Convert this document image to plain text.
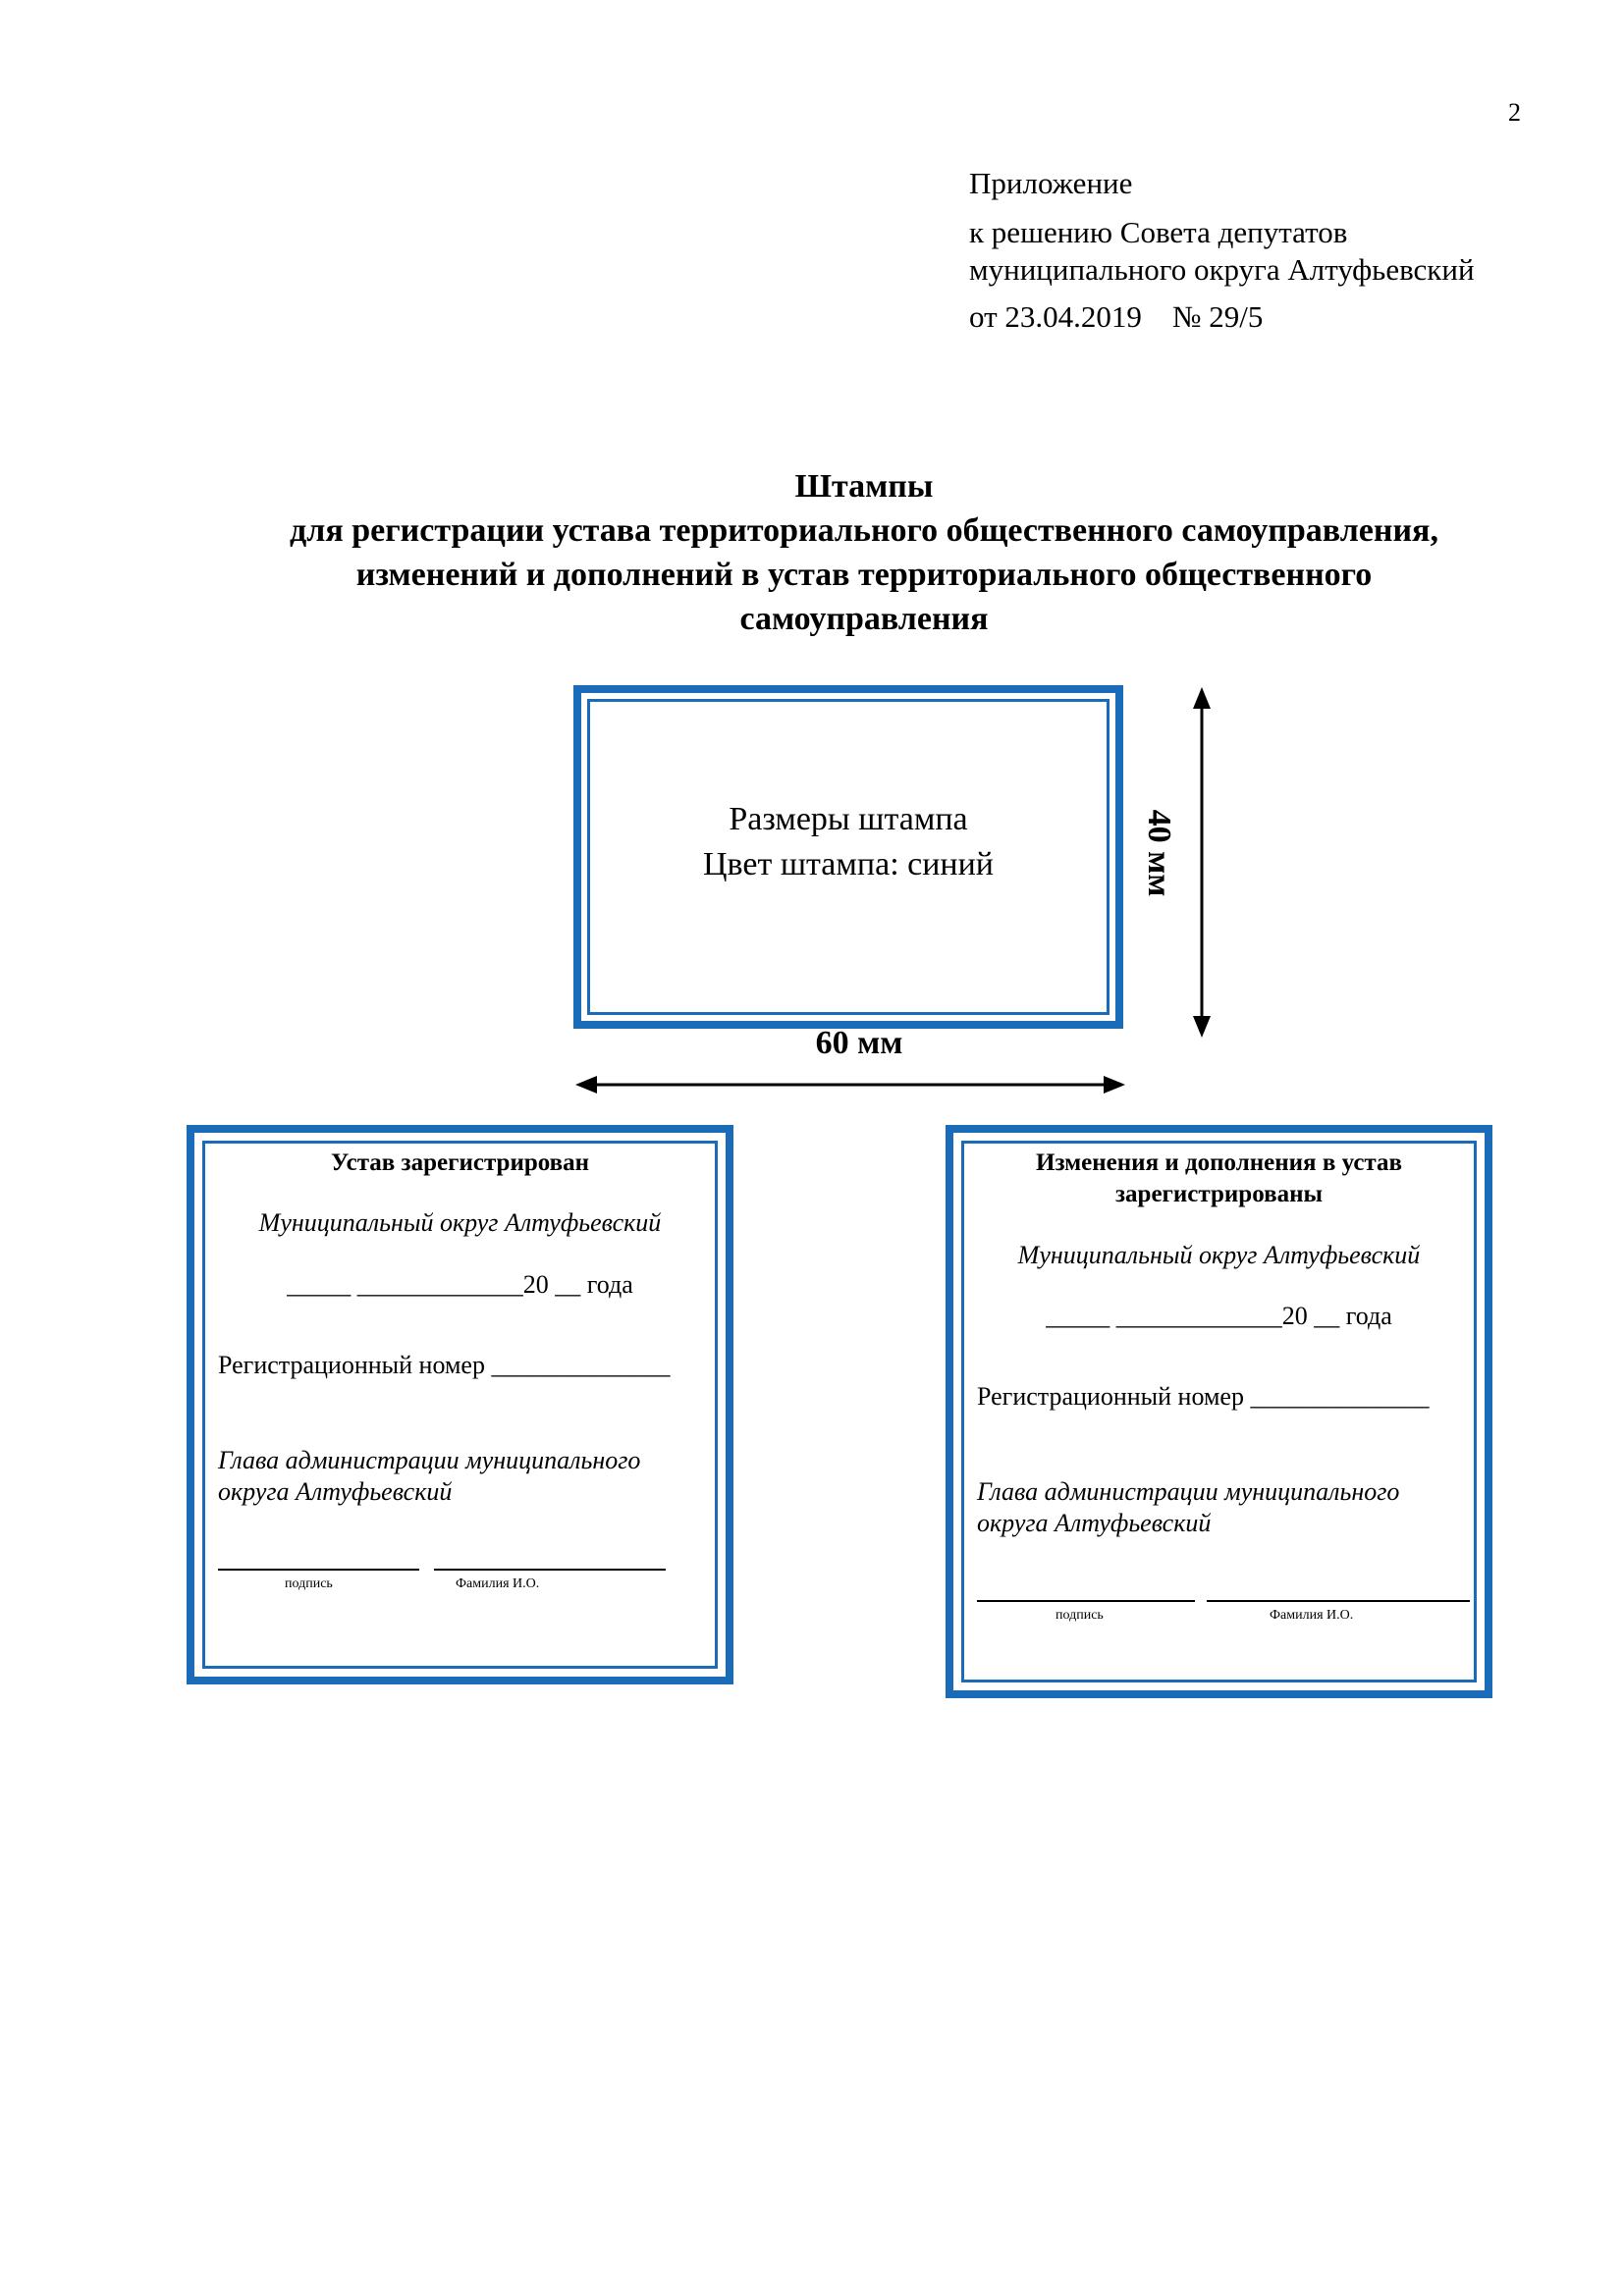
2
Приложение
к решению Совета депутатов
муниципального округа Алтуфьевский
от 23.04.2019    № 29/5
Штампы
для регистрации устава территориального общественного самоуправления,
изменений и дополнений в устав территориального общественного
самоуправления
Размеры штампа
Цвет штампа: синий	40 мм
60 мм
Устав зарегистрирован
Муниципальный округ Алтуфьевский
_____ _____________20 __ года
Регистрационный номер ______________
Глава администрации муниципального округа Алтуфьевский
подпись	Фамилия И.О.
Изменения и дополнения в устав зарегистрированы
Муниципальный округ Алтуфьевский
_____ _____________20 __ года
Регистрационный номер ______________
Глава администрации муниципального округа Алтуфьевский
подпись	Фамилия И.О.
